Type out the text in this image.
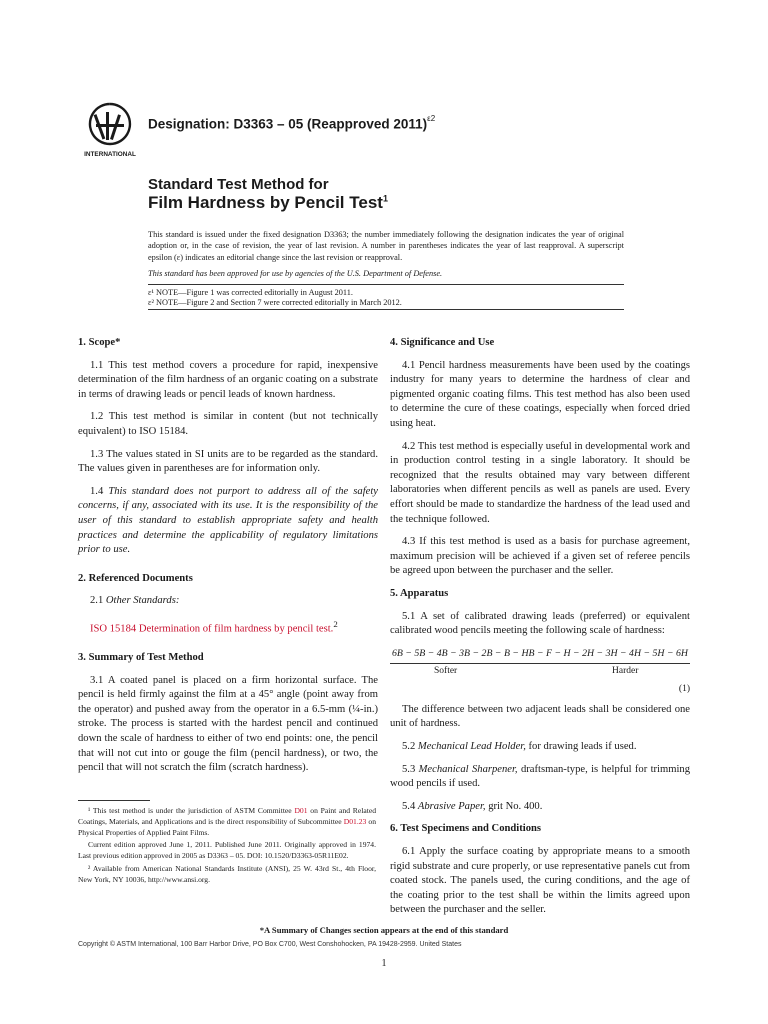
INTERNATIONAL
Designation: D3363 – 05 (Reapproved 2011)$^{\varepsilon 2}$
Standard Test Method for
Film Hardness by Pencil Test$^1$
This standard is issued under the fixed designation D3363; the number immediately following the designation indicates the year of original adoption or, in the case of revision, the year of last revision. A number in parentheses indicates the year of last reapproval. A superscript epsilon (ε) indicates an editorial change since the last revision or reapproval.
This standard has been approved for use by agencies of the U.S. Department of Defense.
ε¹ NOTE—Figure 1 was corrected editorially in August 2011.
ε² NOTE—Figure 2 and Section 7 were corrected editorially in March 2012.
1. Scope*

1.1 This test method covers a procedure for rapid, inexpensive determination of the film hardness of an organic coating on a substrate in terms of drawing leads or pencil leads of known hardness.

1.2 This test method is similar in content (but not technically equivalent) to ISO 15184.

1.3 The values stated in SI units are to be regarded as the standard. The values given in parentheses are for information only.

1.4 This standard does not purport to address all of the safety concerns, if any, associated with its use. It is the responsibility of the user of this standard to establish appropriate safety and health practices and determine the applicability of regulatory limitations prior to use.

2. Referenced Documents

2.1 Other Standards:

ISO 15184 Determination of film hardness by pencil test.$^2$

3. Summary of Test Method

3.1 A coated panel is placed on a firm horizontal surface. The pencil is held firmly against the film at a 45° angle (point away from the operator) and pushed away from the operator in a 6.5-mm (¼-in.) stroke. The process is started with the hardest pencil and continued down the scale of hardness to either of two end points: one, the pencil that will not cut into or gouge the film (pencil hardness), or two, the pencil that will not scratch the film (scratch hardness).

¹ This test method is under the jurisdiction of ASTM Committee D01 on Paint and Related Coatings, Materials, and Applications and is the direct responsibility of Subcommittee D01.23 on Physical Properties of Applied Paint Films.

Current edition approved June 1, 2011. Published June 2011. Originally approved in 1974. Last previous edition approved in 2005 as D3363 – 05. DOI: 10.1520/D3363-05R11E02.

² Available from American National Standards Institute (ANSI), 25 W. 43rd St., 4th Floor, New York, NY 10036, http://www.ansi.org.

4. Significance and Use

4.1 Pencil hardness measurements have been used by the coatings industry for many years to determine the hardness of clear and pigmented organic coating films. This test method has also been used to determine the cure of these coatings, especially when forced dried using heat.

4.2 This test method is especially useful in developmental work and in production control testing in a single laboratory. It should be recognized that the results obtained may vary between different laboratories when different pencils as well as panels are used. Every effort should be made to standardize the hardness of the lead used and the technique followed.

4.3 If this test method is used as a basis for purchase agreement, maximum precision will be achieved if a given set of referee pencils be agreed upon between the purchaser and the seller.

5. Apparatus

5.1 A set of calibrated drawing leads (preferred) or equivalent calibrated wood pencils meeting the following scale of hardness:

6B − 5B − 4B − 3B − 2B − B − HB − F − H − 2H − 3H − 4H − 5H − 6H
Softer	Harder
(1)

The difference between two adjacent leads shall be considered one unit of hardness.

5.2 Mechanical Lead Holder, for drawing leads if used.

5.3 Mechanical Sharpener, draftsman-type, is helpful for trimming wood pencils if used.

5.4 Abrasive Paper, grit No. 400.

6. Test Specimens and Conditions

6.1 Apply the surface coating by appropriate means to a smooth rigid substrate and cure properly, or use representative panels cut from coated stock. The panels used, the curing conditions, and the age of the coating prior to the test shall be within the limits agreed upon between the purchaser and the seller.

*A Summary of Changes section appears at the end of this standard
Copyright © ASTM International, 100 Barr Harbor Drive, PO Box C700, West Conshohocken, PA 19428-2959. United States
1
